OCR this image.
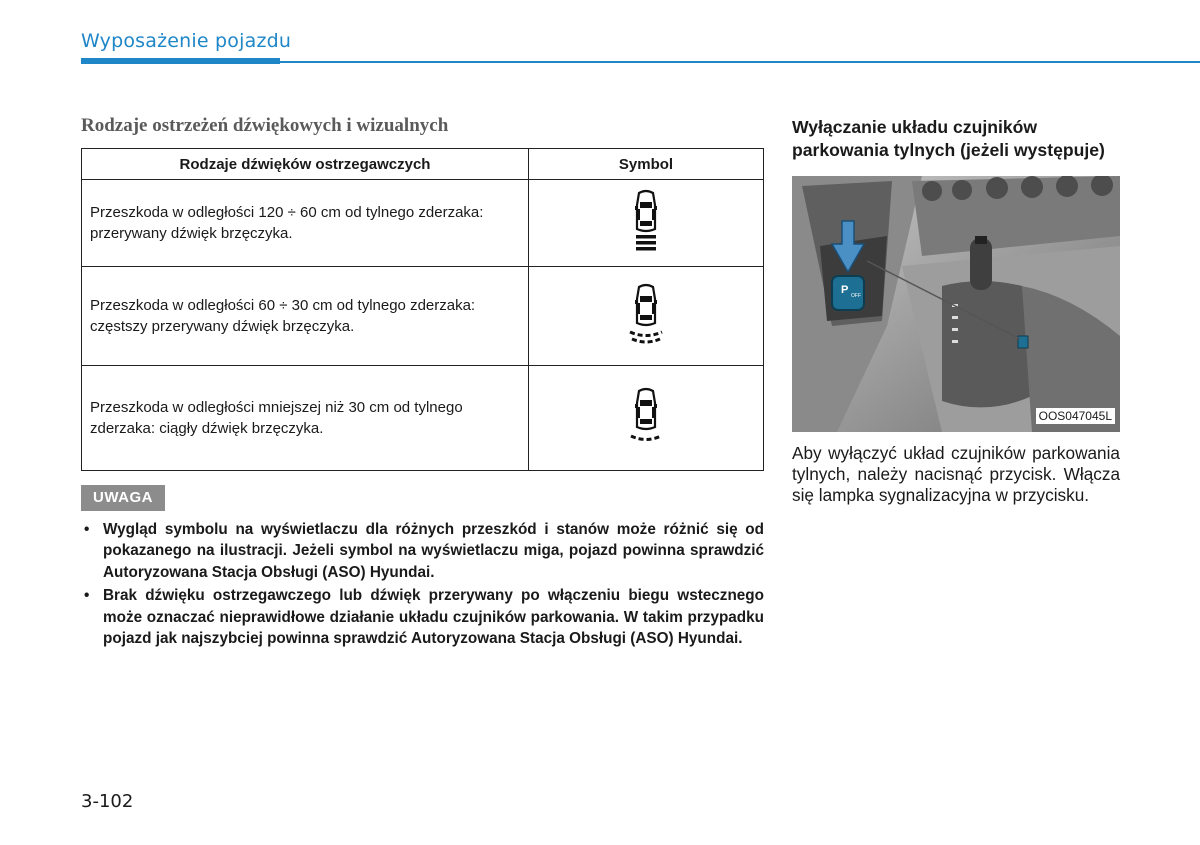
Wyposażenie pojazdu
Rodzaje ostrzeżeń dźwiękowych i wizualnych
Rodzaje dźwięków ostrzegawczych	Symbol
Przeszkoda w odległości 120 ÷ 60 cm od tylnego zderzaka:
przerywany dźwięk brzęczyka.	
Przeszkoda w odległości 60 ÷ 30 cm od tylnego zderzaka:
częstszy przerywany dźwięk brzęczyka.	
Przeszkoda w odległości mniejszej niż 30 cm od tylnego
zderzaka: ciągły dźwięk brzęczyka.	
UWAGA
• Wygląd symbolu na wyświetlaczu dla różnych przeszkód i stanów może różnić się od pokazanego na ilustracji. Jeżeli symbol na wyświetlaczu miga, pojazd powinna sprawdzić Autoryzowana Stacja Obsługi (ASO) Hyundai.
• Brak dźwięku ostrzegawczego lub dźwięk przerywany po włączeniu biegu wstecznego może oznaczać nieprawidłowe działanie układu czujników parkowania. W takim przypadku pojazd jak najszybciej powinna sprawdzić Autoryzowana Stacja Obsługi (ASO) Hyundai.
Wyłączanie układu czujników parkowania tylnych (jeżeli występuje)
P OFF
OOS047045L
Aby wyłączyć układ czujników parkowania tylnych, należy nacisnąć przycisk. Włącza się lampka sygnalizacyjna w przycisku.
3-102
